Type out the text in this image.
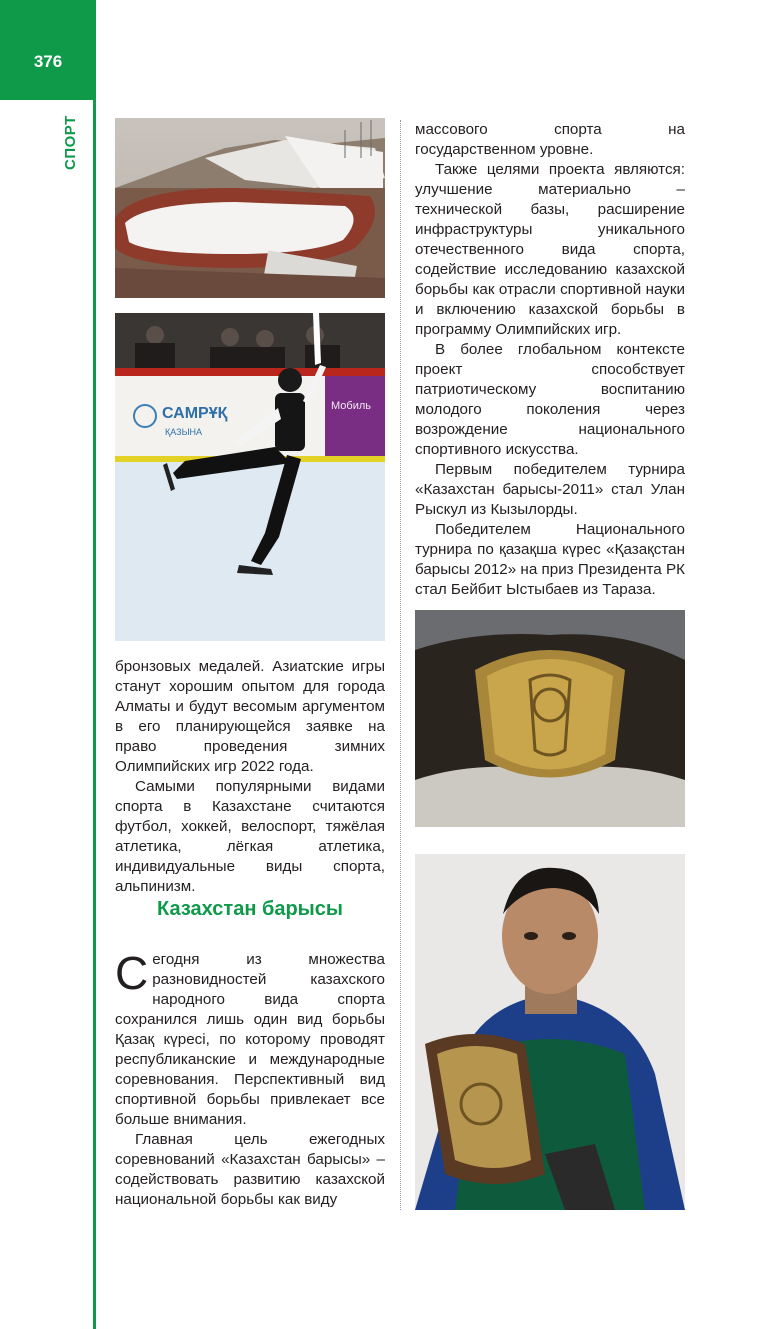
376
СПОРТ
САМРҰҚ
ҚАЗЫНА
Мобиль

бронзовых медалей. Азиатские игры станут хорошим опытом для города Алматы и будут весомым аргументом в его планирующейся заявке на право проведения зимних Олимпийских игр 2022 года.

Самыми популярными видами спорта в Казахстане считаются футбол, хоккей, велоспорт, тяжёлая атлетика, лёгкая атлетика, индивидуальные виды спорта, альпинизм.

Казахстан барысы

Сегодня из множества разновидностей казахского народного вида спорта сохранился лишь один вид борьбы Қазақ күресі, по которому проводят республиканские и международные соревнования. Перспективный вид спортивной борьбы привлекает все больше внимания.

Главная цель ежегодных соревнований «Казахстан барысы» – содействовать развитию казахской национальной борьбы как виду

массового спорта на государственном уровне.

Также целями проекта являются: улучшение материально – технической базы, расширение инфраструктуры уникального отечественного вида спорта, содействие исследованию казахской борьбы как отрасли спортивной науки и включению казахской борьбы в программу Олимпийских игр.

В более глобальном контексте проект способствует патриотическому воспитанию молодого поколения через возрождение национального спортивного искусства.

Первым победителем турнира «Казахстан барысы-2011» стал Улан Рыскул из Кызылорды.

Победителем Национального турнира по қазақша күрес «Қазақстан барысы 2012» на приз Президента РК стал Бейбит Ыстыбаев из Тараза.
